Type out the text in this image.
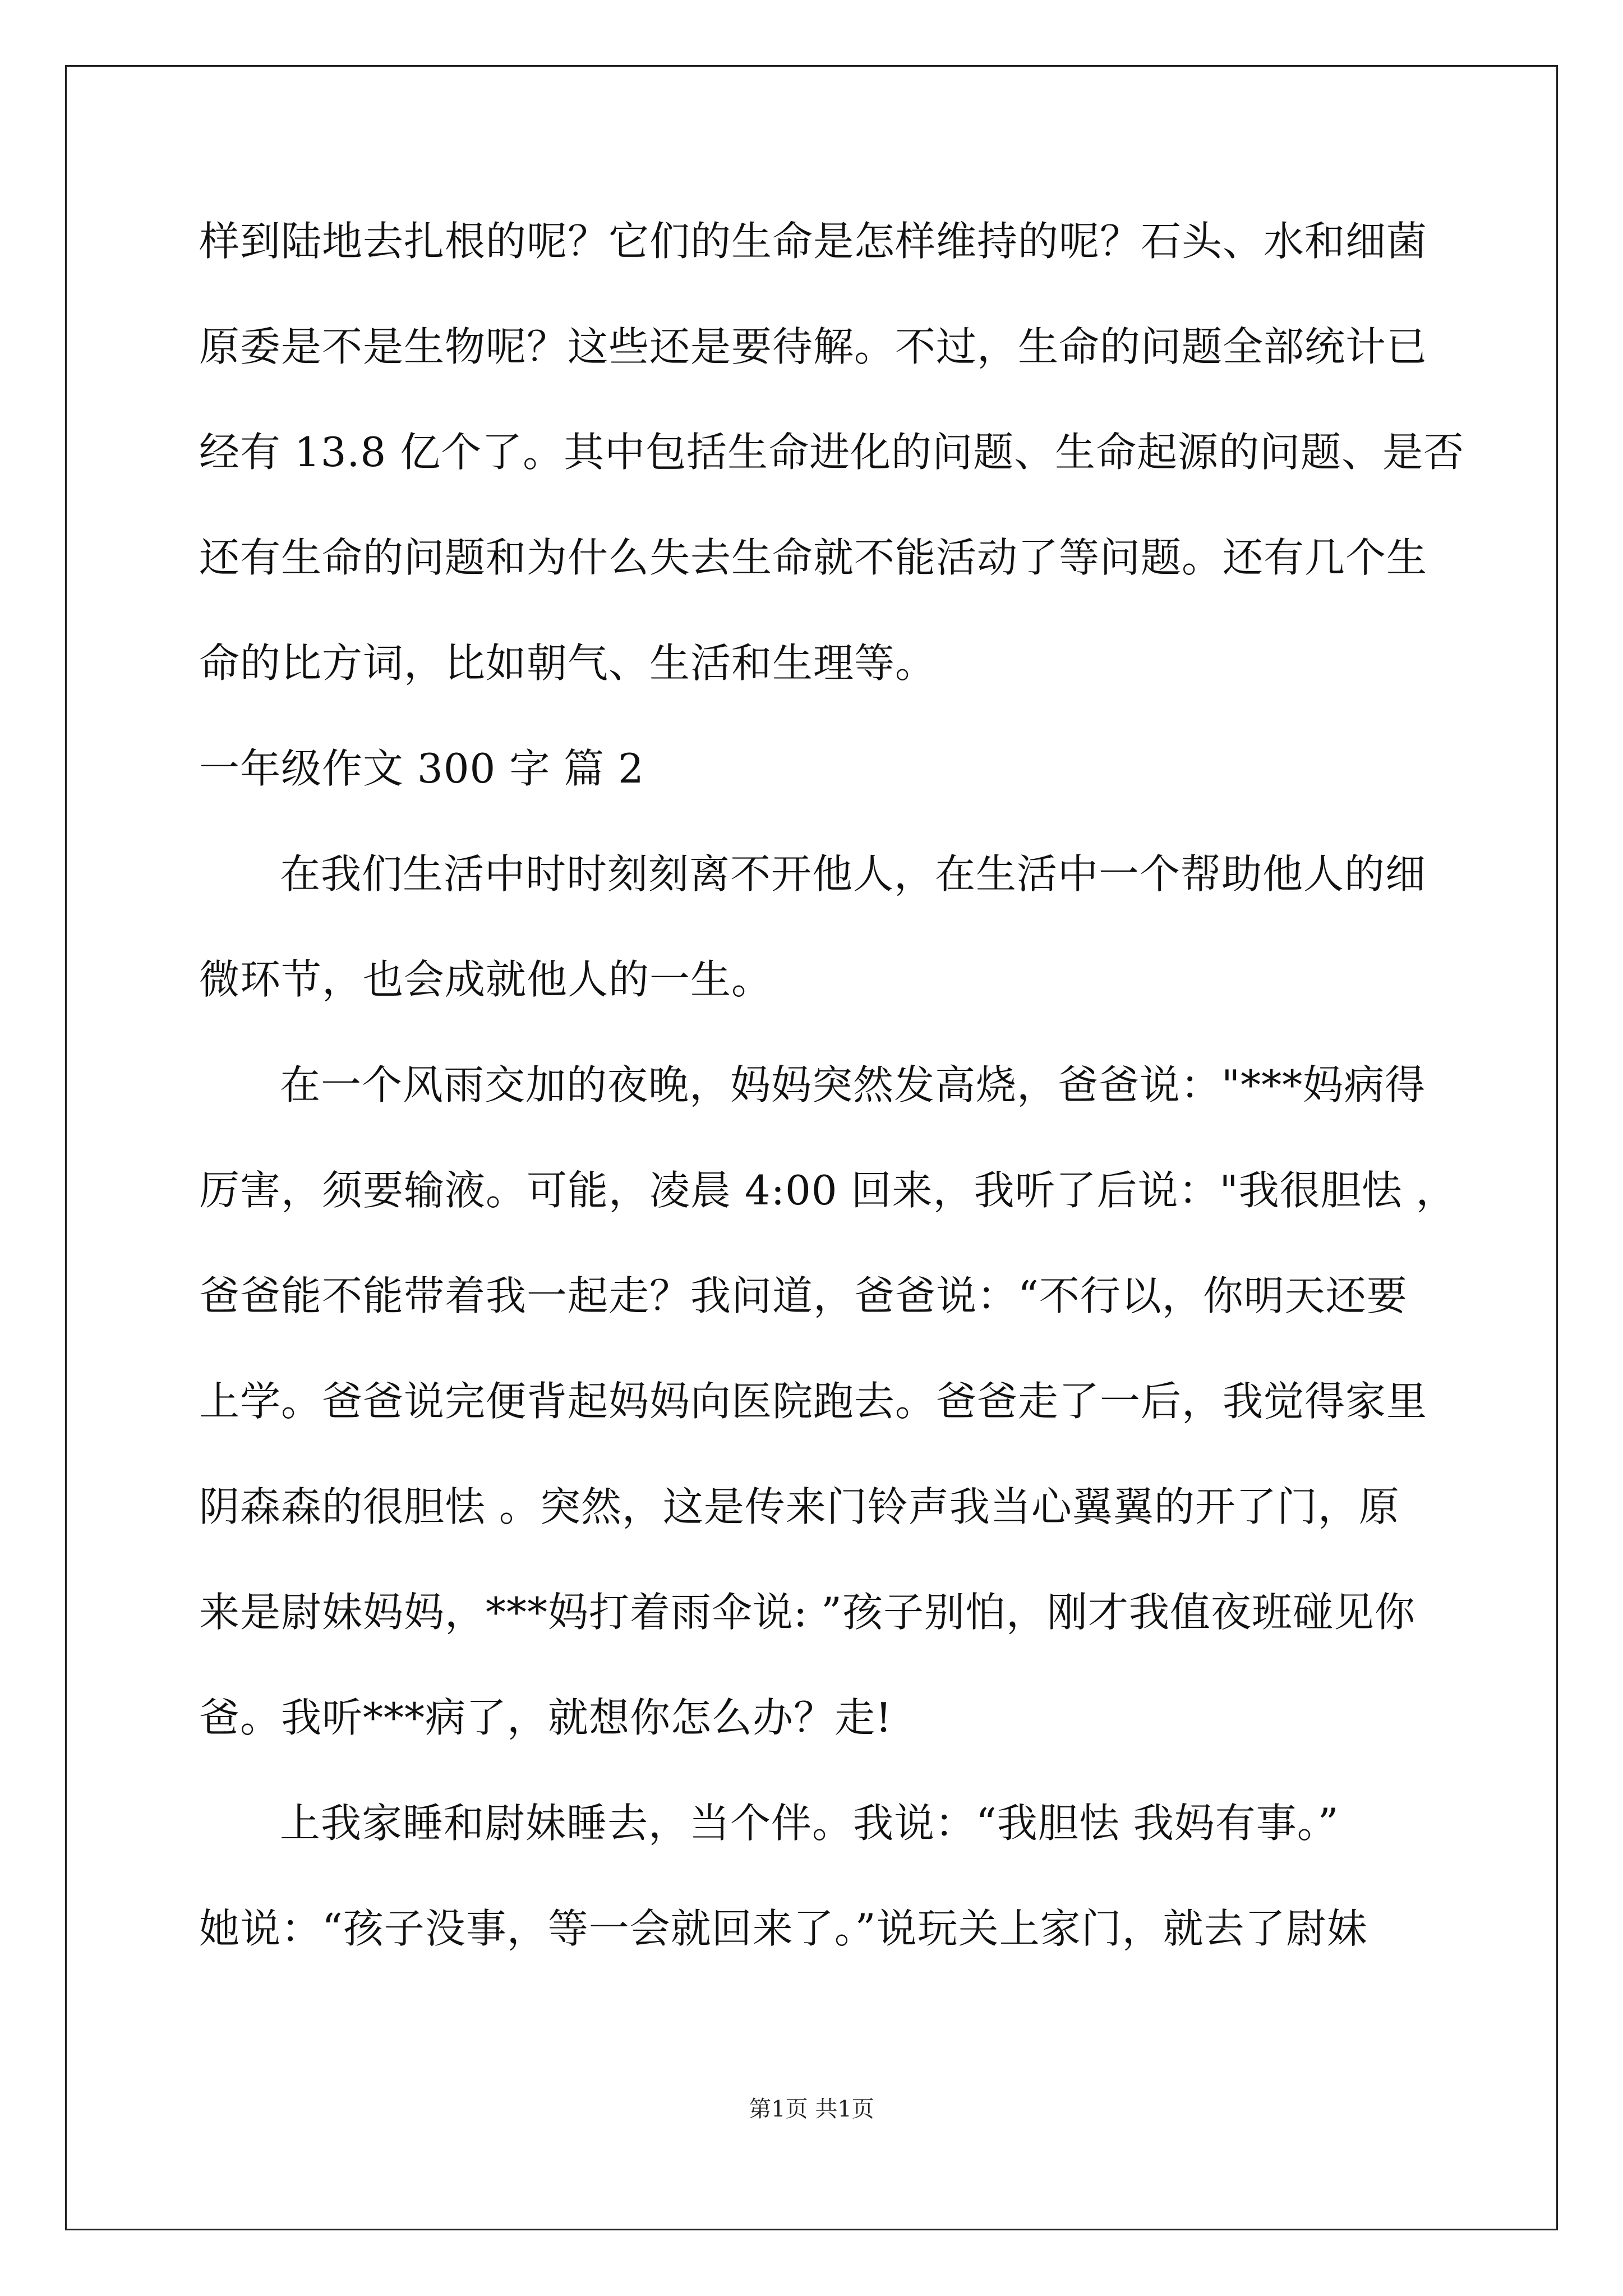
样到陆地去扎根的呢？它们的生命是怎样维持的呢？石头、水和细菌
原委是不是生物呢？这些还是要待解。不过，生命的问题全部统计已
经有 13.8 亿个了。其中包括生命进化的问题、生命起源的问题、是否
还有生命的问题和为什么失去生命就不能活动了等问题。还有几个生
命的比方词，比如朝气、生活和生理等。
一年级作文 300 字 篇 2
在我们生活中时时刻刻离不开他人，在生活中一个帮助他人的细
微环节，也会成就他人的一生。
在一个风雨交加的夜晚，妈妈突然发高烧，爸爸说："***妈病得
厉害，须要输液。可能，凌晨 4:00 回来，我听了后说："我很胆怯 ，
爸爸能不能带着我一起走？我问道，爸爸说：“不行以，你明天还要
上学。爸爸说完便背起妈妈向医院跑去。爸爸走了一后，我觉得家里
阴森森的很胆怯 。突然，这是传来门铃声我当心翼翼的开了门，原
来是尉妹妈妈，***妈打着雨伞说: ”孩子别怕，刚才我值夜班碰见你
爸。我听***病了，就想你怎么办？走!
上我家睡和尉妹睡去，当个伴。我说：“我胆怯 我妈有事。”
她说：“孩子没事，等一会就回来了。”说玩关上家门，就去了尉妹
第1页 共1页
